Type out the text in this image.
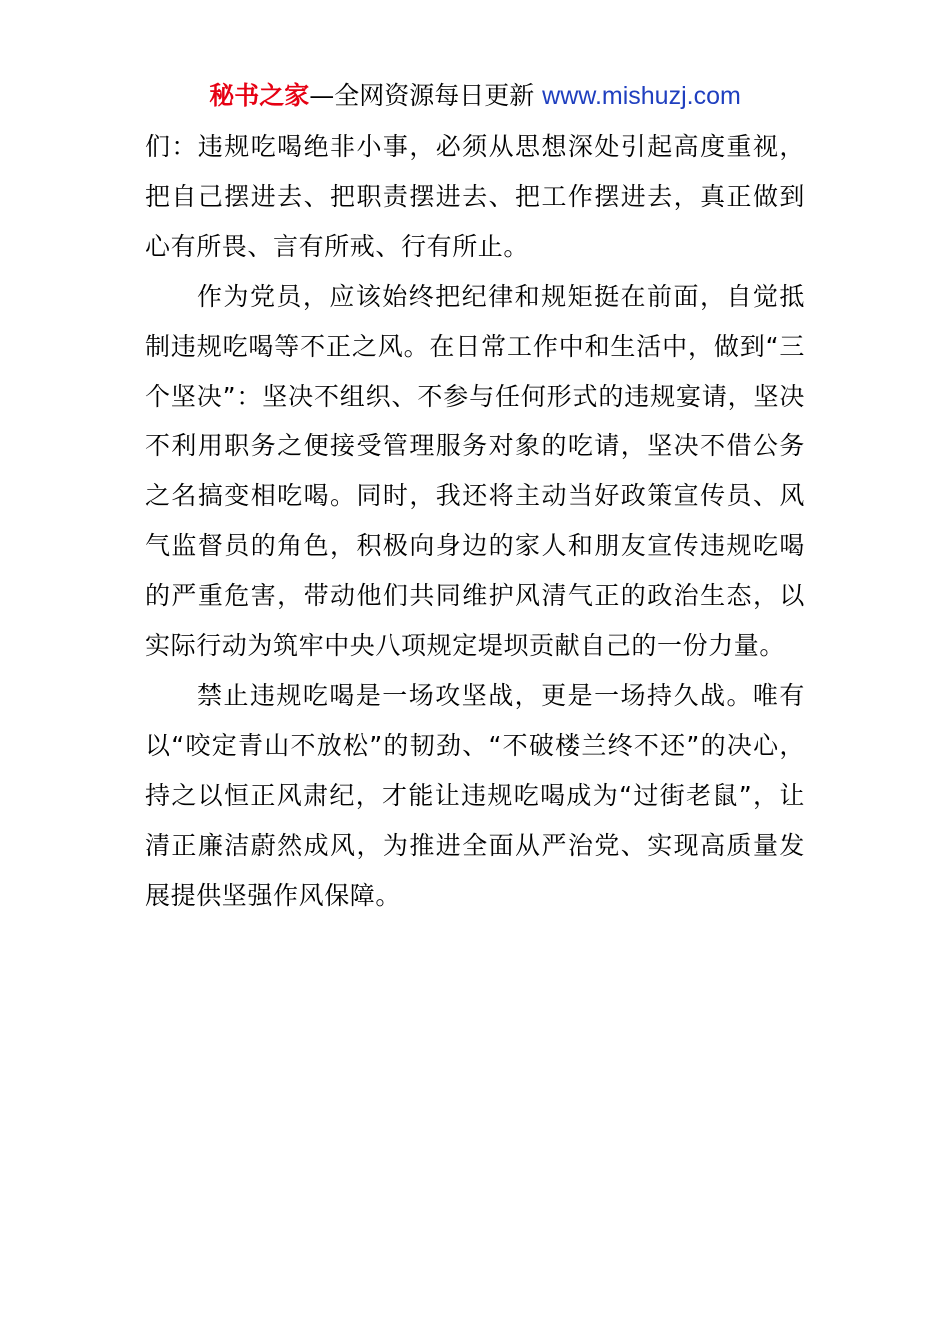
秘书之家—全网资源每日更新 www.mishuzj.com

们：违规吃喝绝非小事，必须从思想深处引起高度重视，把自己摆进去、把职责摆进去、把工作摆进去，真正做到心有所畏、言有所戒、行有所止。

作为党员，应该始终把纪律和规矩挺在前面，自觉抵制违规吃喝等不正之风。在日常工作中和生活中，做到“三个坚决”：坚决不组织、不参与任何形式的违规宴请，坚决不利用职务之便接受管理服务对象的吃请，坚决不借公务之名搞变相吃喝。同时，我还将主动当好政策宣传员、风气监督员的角色，积极向身边的家人和朋友宣传违规吃喝的严重危害，带动他们共同维护风清气正的政治生态，以实际行动为筑牢中央八项规定堤坝贡献自己的一份力量。

禁止违规吃喝是一场攻坚战，更是一场持久战。唯有以“咬定青山不放松”的韧劲、“不破楼兰终不还”的决心，持之以恒正风肃纪，才能让违规吃喝成为“过街老鼠”，让清正廉洁蔚然成风，为推进全面从严治党、实现高质量发展提供坚强作风保障。
